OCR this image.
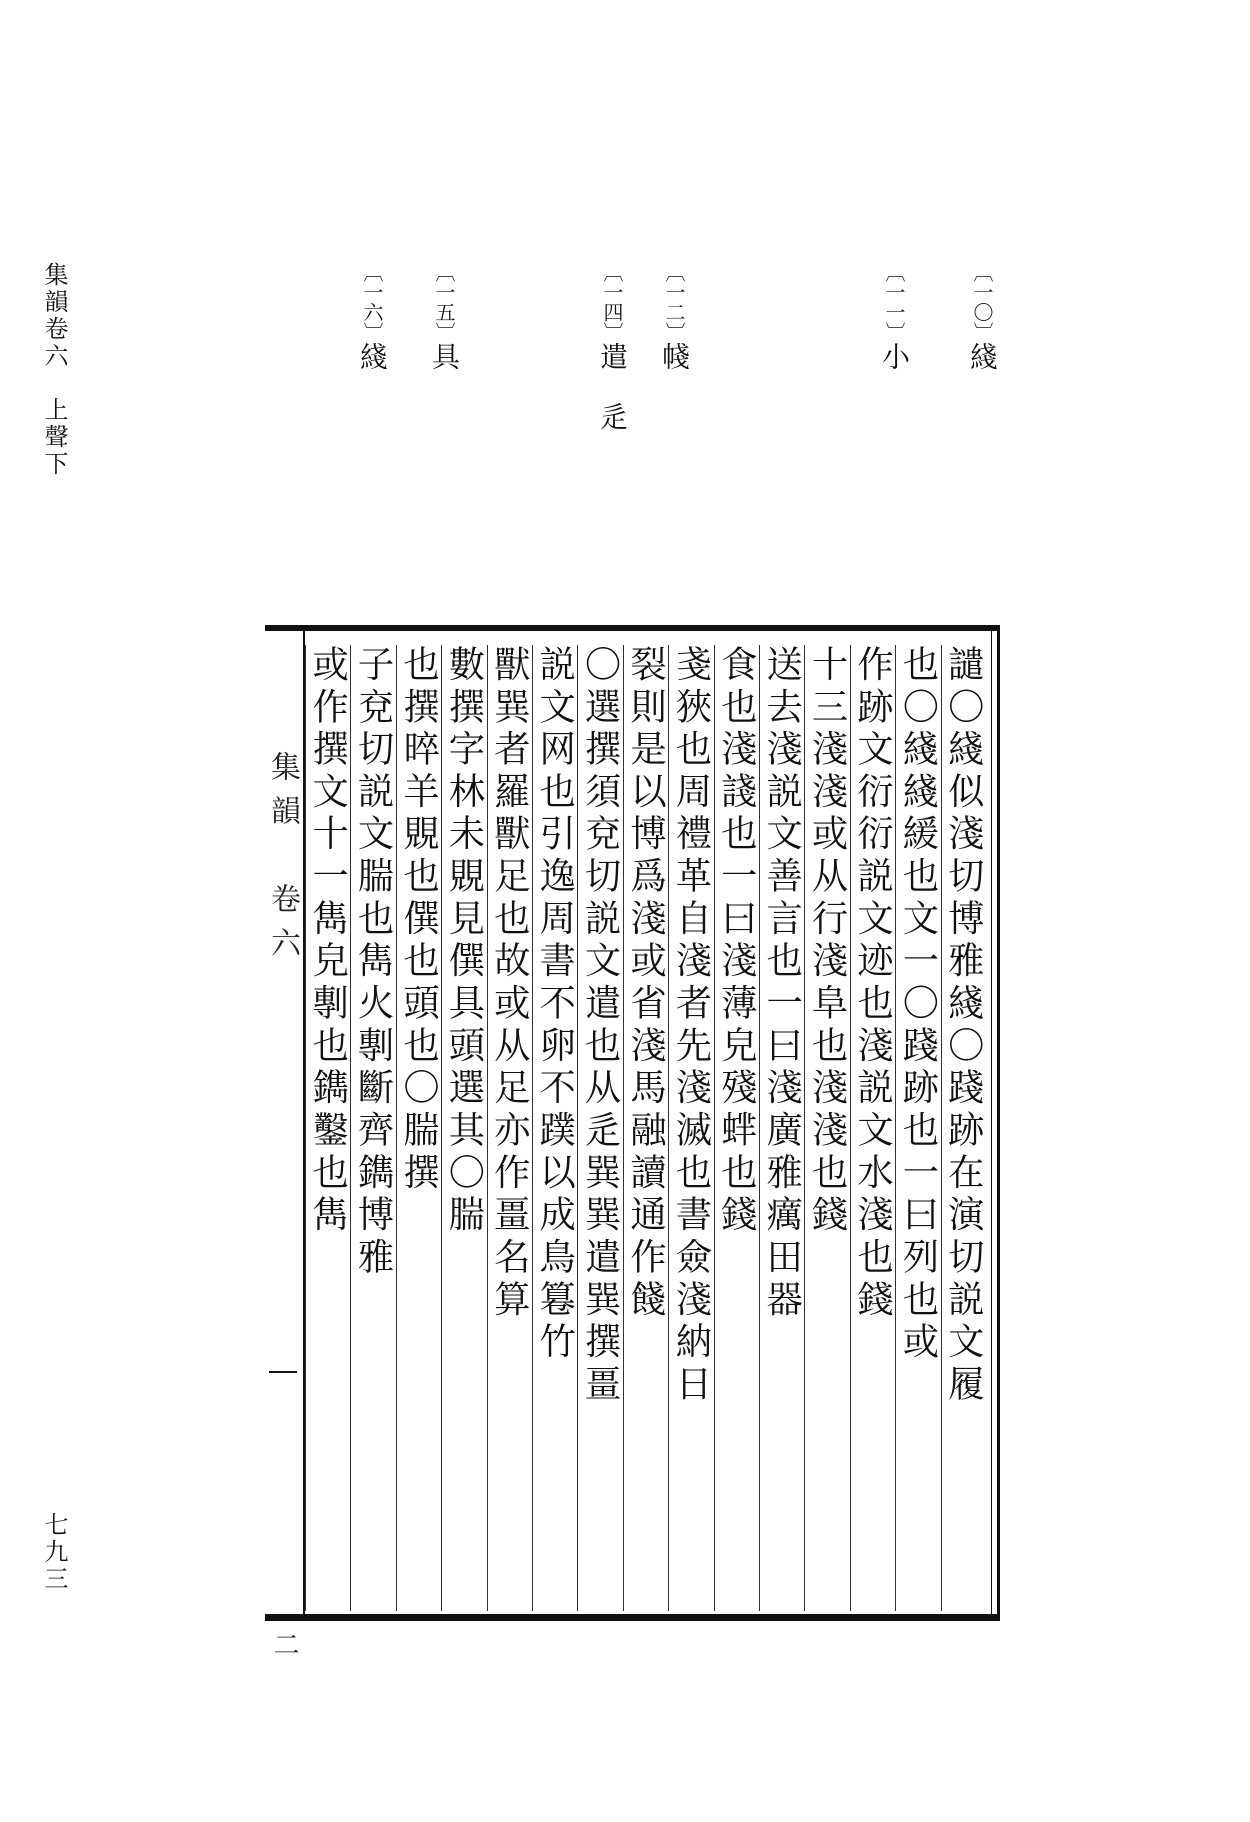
集韻卷六　上聲下
七九三
〔一〇〕綫
〔一一〕小
〔一二〕帴
〔一四〕遣　辵
〔一五〕具
〔一六〕綫
集韻　卷六
二
譴〇綫似淺切博雅綫〇踐跡在演切説文履
也〇綫綫緩也文一〇踐跡也一曰列也或
作跡文衍衍説文迹也淺説文水淺也錢
十三淺淺或从行淺阜也淺淺也錢
送去淺説文善言也一曰淺廣雅癘田器
食也淺諓也一曰淺薄皃殘蝆也錢
戔狹也周禮革自淺者先淺滅也書僉淺納日
裂則是以博爲淺或省淺馬融讀通作餞
〇選撰須兗切説文遣也从辵巽巽遣巽撰畺
説文网也引逸周書不卵不蹼以成鳥篹竹
獸巽者羅獸足也故或从足亦作畺名算
數撰字林未覞見僎具頭選其〇腨
也撰晬羊覞也僎也頭也〇腨撰
子兗切説文腨也雋火剸斷齊鐫博雅
或作撰文十一雋皃剸也鐫鑿也雋
